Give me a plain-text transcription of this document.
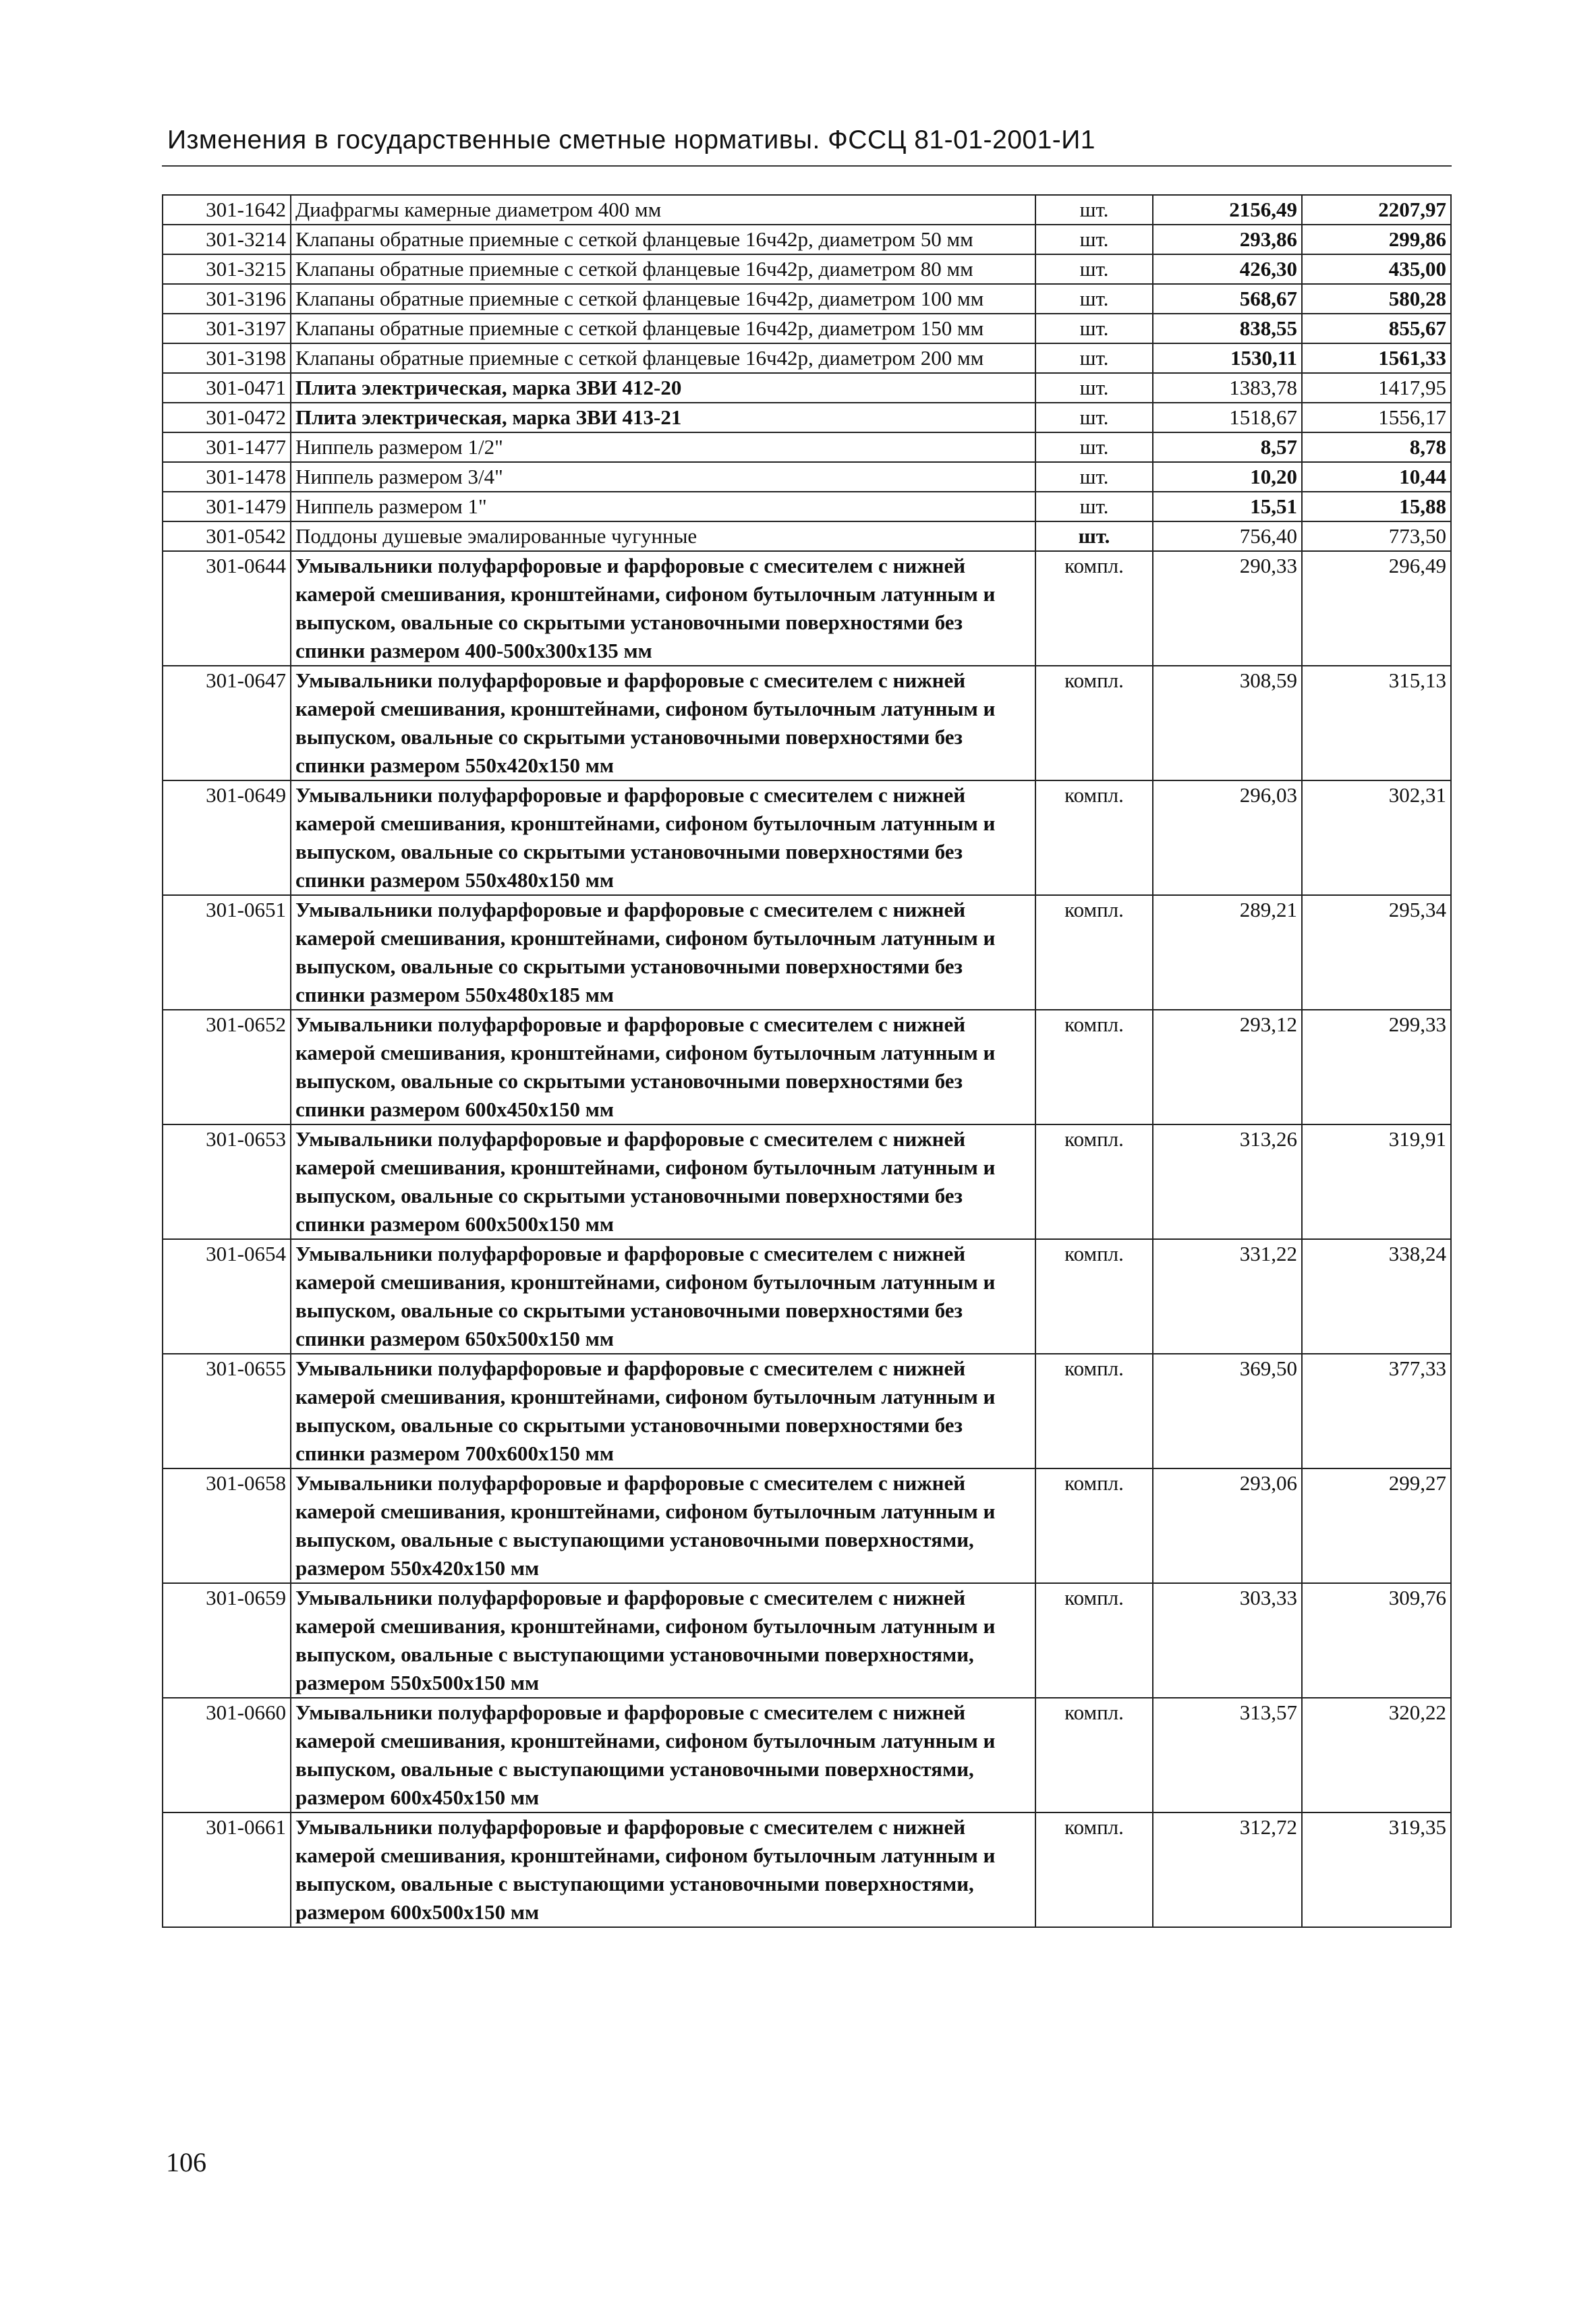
Изменения в государственные сметные нормативы. ФССЦ 81-01-2001-И1
301-1642	Диафрагмы камерные диаметром 400 мм	шт.	2156,49	2207,97
301-3214	Клапаны обратные приемные с сеткой фланцевые 16ч42р, диаметром 50 мм	шт.	293,86	299,86
301-3215	Клапаны обратные приемные с сеткой фланцевые 16ч42р, диаметром 80 мм	шт.	426,30	435,00
301-3196	Клапаны обратные приемные с сеткой фланцевые 16ч42р, диаметром 100 мм	шт.	568,67	580,28
301-3197	Клапаны обратные приемные с сеткой фланцевые 16ч42р, диаметром 150 мм	шт.	838,55	855,67
301-3198	Клапаны обратные приемные с сеткой фланцевые 16ч42р, диаметром 200 мм	шт.	1530,11	1561,33
301-0471	Плита электрическая, марка ЗВИ 412-20	шт.	1383,78	1417,95
301-0472	Плита электрическая, марка ЗВИ 413-21	шт.	1518,67	1556,17
301-1477	Ниппель размером 1/2"	шт.	8,57	8,78
301-1478	Ниппель размером 3/4"	шт.	10,20	10,44
301-1479	Ниппель размером 1"	шт.	15,51	15,88
301-0542	Поддоны душевые эмалированные чугунные	шт.	756,40	773,50
301-0644	Умывальники полуфарфоровые и фарфоровые с смесителем с нижней камерой смешивания, кронштейнами, сифоном бутылочным латунным и выпуском, овальные со скрытыми установочными поверхностями без спинки размером 400-500х300х135 мм	компл.	290,33	296,49
301-0647	Умывальники полуфарфоровые и фарфоровые с смесителем с нижней камерой смешивания, кронштейнами, сифоном бутылочным латунным и выпуском, овальные со скрытыми установочными поверхностями без спинки размером 550х420х150 мм	компл.	308,59	315,13
301-0649	Умывальники полуфарфоровые и фарфоровые с смесителем с нижней камерой смешивания, кронштейнами, сифоном бутылочным латунным и выпуском, овальные со скрытыми установочными поверхностями без спинки размером 550х480х150 мм	компл.	296,03	302,31
301-0651	Умывальники полуфарфоровые и фарфоровые с смесителем с нижней камерой смешивания, кронштейнами, сифоном бутылочным латунным и выпуском, овальные со скрытыми установочными поверхностями без спинки размером 550х480х185 мм	компл.	289,21	295,34
301-0652	Умывальники полуфарфоровые и фарфоровые с смесителем с нижней камерой смешивания, кронштейнами, сифоном бутылочным латунным и выпуском, овальные со скрытыми установочными поверхностями без спинки размером 600х450х150 мм	компл.	293,12	299,33
301-0653	Умывальники полуфарфоровые и фарфоровые с смесителем с нижней камерой смешивания, кронштейнами, сифоном бутылочным латунным и выпуском, овальные со скрытыми установочными поверхностями без спинки размером 600х500х150 мм	компл.	313,26	319,91
301-0654	Умывальники полуфарфоровые и фарфоровые с смесителем с нижней камерой смешивания, кронштейнами, сифоном бутылочным латунным и выпуском, овальные со скрытыми установочными поверхностями без спинки размером 650х500х150 мм	компл.	331,22	338,24
301-0655	Умывальники полуфарфоровые и фарфоровые с смесителем с нижней камерой смешивания, кронштейнами, сифоном бутылочным латунным и выпуском, овальные со скрытыми установочными поверхностями без спинки размером 700х600х150 мм	компл.	369,50	377,33
301-0658	Умывальники полуфарфоровые и фарфоровые с смесителем с нижней камерой смешивания, кронштейнами, сифоном бутылочным латунным и выпуском, овальные с выступающими установочными поверхностями, размером 550х420х150 мм	компл.	293,06	299,27
301-0659	Умывальники полуфарфоровые и фарфоровые с смесителем с нижней камерой смешивания, кронштейнами, сифоном бутылочным латунным и выпуском, овальные с выступающими установочными поверхностями, размером 550х500х150 мм	компл.	303,33	309,76
301-0660	Умывальники полуфарфоровые и фарфоровые с смесителем с нижней камерой смешивания, кронштейнами, сифоном бутылочным латунным и выпуском, овальные с выступающими установочными поверхностями, размером 600х450х150 мм	компл.	313,57	320,22
301-0661	Умывальники полуфарфоровые и фарфоровые с смесителем с нижней камерой смешивания, кронштейнами, сифоном бутылочным латунным и выпуском, овальные с выступающими установочными поверхностями, размером 600х500х150 мм	компл.	312,72	319,35
106
